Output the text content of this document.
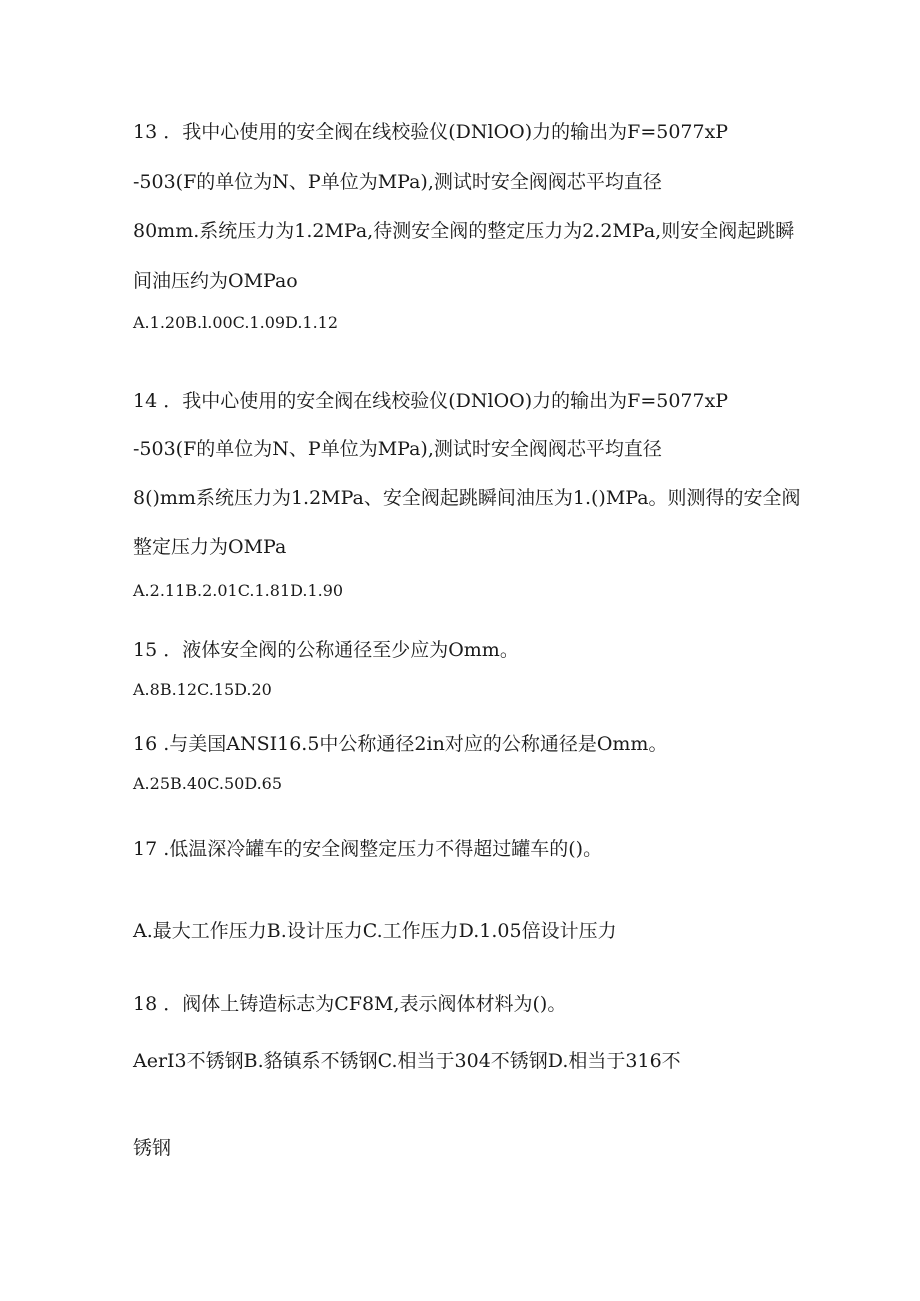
13 ．我中心使用的安全阀在线校验仪(DNlOO)力的输出为F=5077xP
-503(F的单位为N、P单位为MPa),测试时安全阀阀芯平均直径
80mm.系统压力为1.2MPa,待测安全阀的整定压力为2.2MPa,则安全阀起跳瞬
间油压约为OMPao
A.1.20B.l.00C.1.09D.1.12
14 ．我中心使用的安全阀在线校验仪(DNlOO)力的输出为F=5077xP
-503(F的单位为N、P单位为MPa),测试时安全阀阀芯平均直径
8()mm系统压力为1.2MPa、安全阀起跳瞬间油压为1.()MPa。则测得的安全阀
整定压力为OMPa
A.2.11B.2.01C.1.81D.1.90
15 ．液体安全阀的公称通径至少应为Omm。
A.8B.12C.15D.20
16 .与美国ANSI16.5中公称通径2in对应的公称通径是Omm。
A.25B.40C.50D.65
17 .低温深冷罐车的安全阀整定压力不得超过罐车的()。
A.最大工作压力B.设计压力C.工作压力D.1.05倍设计压力
18 ．阀体上铸造标志为CF8M,表示阀体材料为()。
AerI3不锈钢B.貉镇系不锈钢C.相当于304不锈钢D.相当于316不
锈钢
